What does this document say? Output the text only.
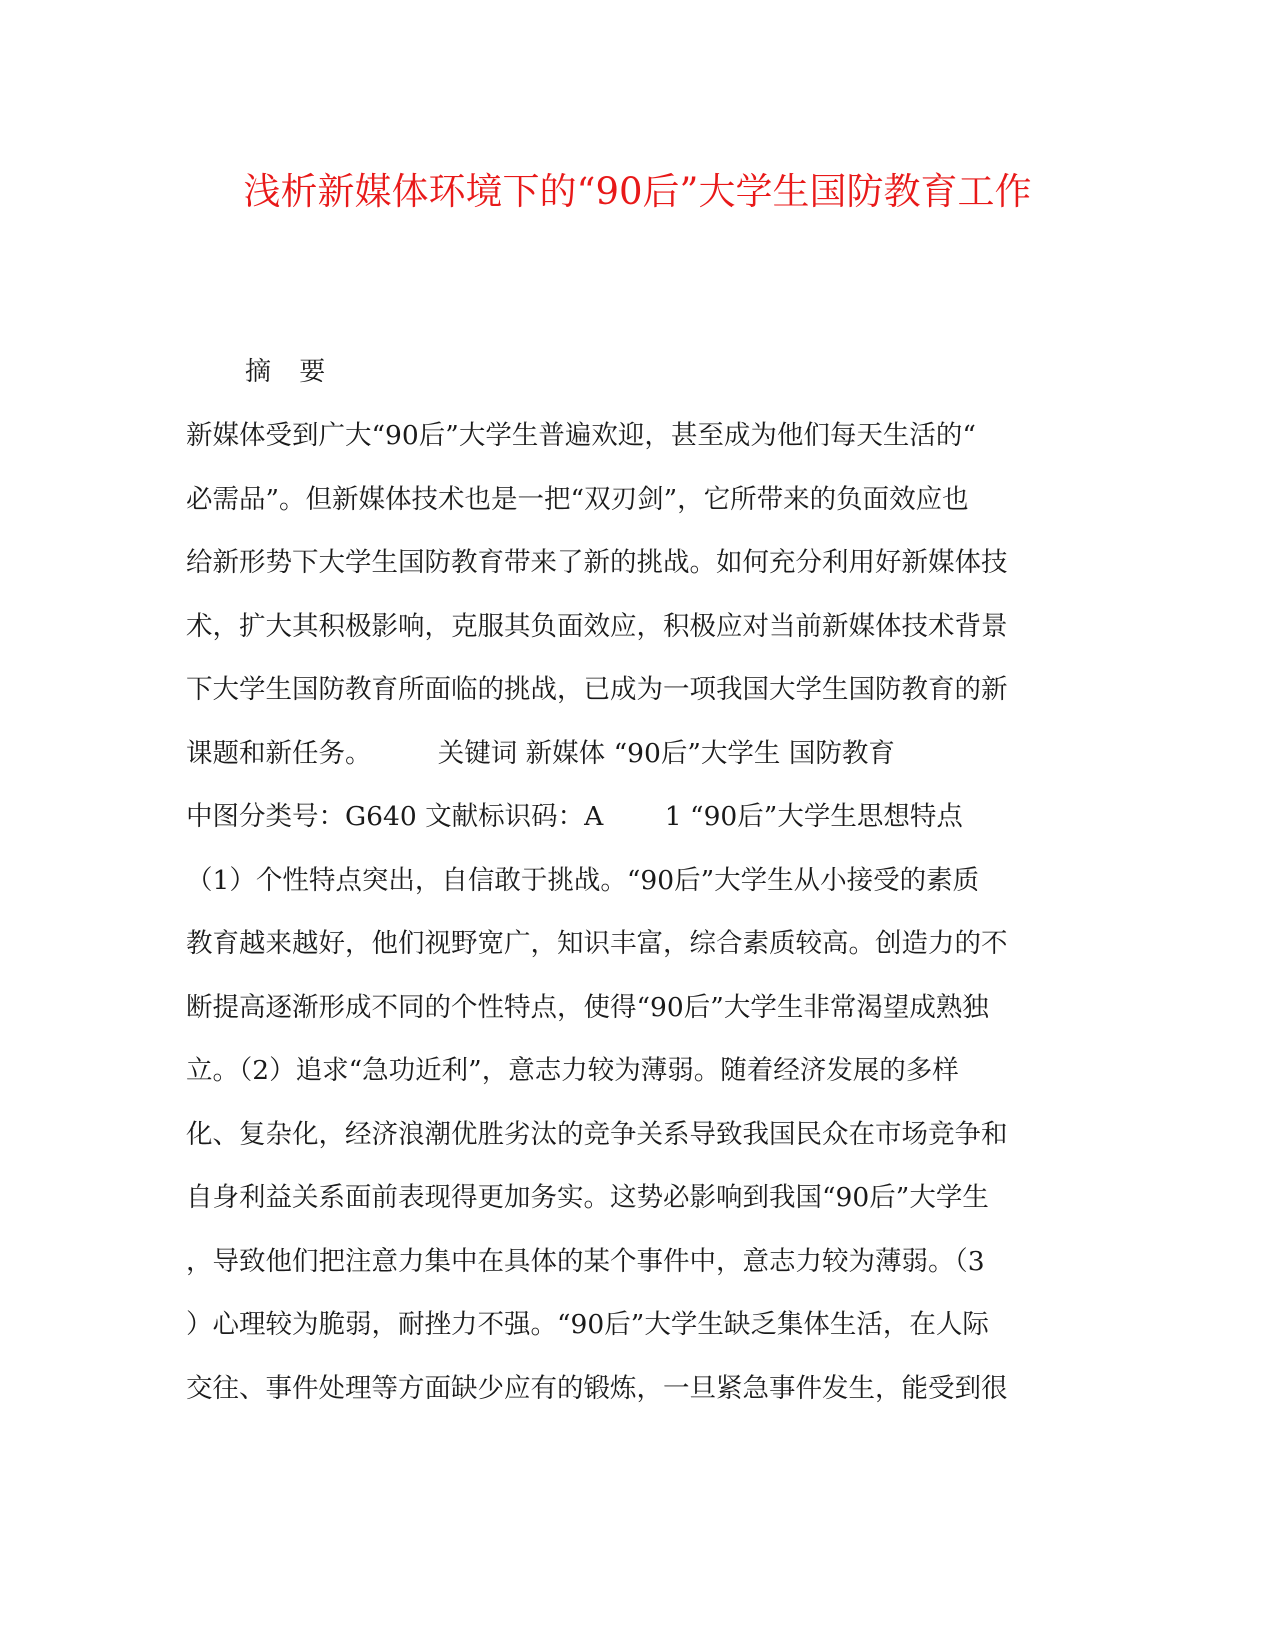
浅析新媒体环境下的“90后”大学生国防教育工作
摘 要
新媒体受到广大“90后”大学生普遍欢迎，甚至成为他们每天生活的“
必需品”。但新媒体技术也是一把“双刃剑”，它所带来的负面效应也
给新形势下大学生国防教育带来了新的挑战。如何充分利用好新媒体技
术，扩大其积极影响，克服其负面效应，积极应对当前新媒体技术背景
下大学生国防教育所面临的挑战，已成为一项我国大学生国防教育的新
课题和新任务。　　　关键词 新媒体 “90后”大学生 国防教育
中图分类号：G640 文献标识码：A　　 1 “90后”大学生思想特点
（1）个性特点突出，自信敢于挑战。“90后”大学生从小接受的素质
教育越来越好，他们视野宽广，知识丰富，综合素质较高。创造力的不
断提高逐渐形成不同的个性特点，使得“90后”大学生非常渴望成熟独
立。（2）追求“急功近利”，意志力较为薄弱。随着经济发展的多样
化、复杂化，经济浪潮优胜劣汰的竞争关系导致我国民众在市场竞争和
自身利益关系面前表现得更加务实。这势必影响到我国“90后”大学生
，导致他们把注意力集中在具体的某个事件中，意志力较为薄弱。（3
）心理较为脆弱，耐挫力不强。“90后”大学生缺乏集体生活，在人际
交往、事件处理等方面缺少应有的锻炼，一旦紧急事件发生，能受到很
